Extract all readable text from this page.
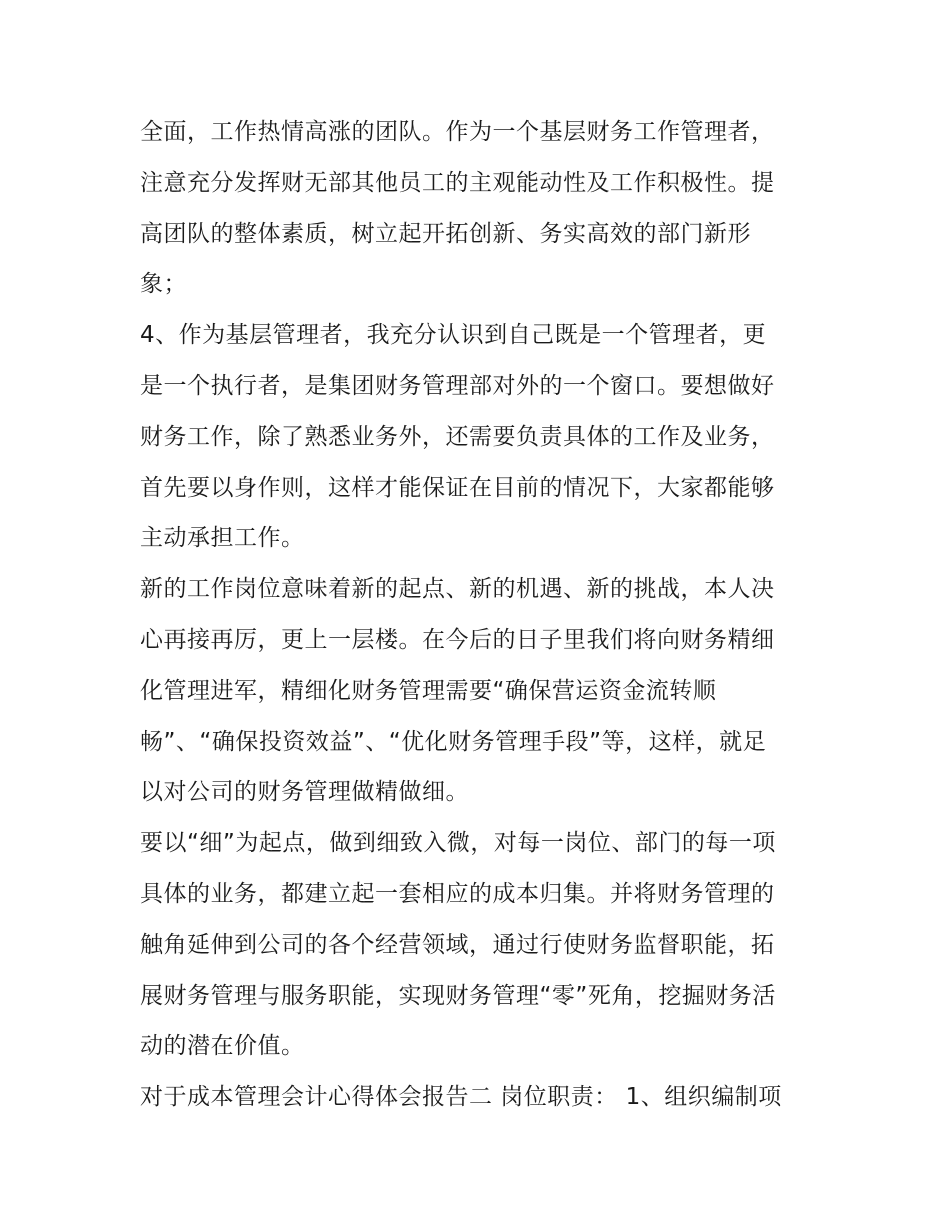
全面，工作热情高涨的团队。作为一个基层财务工作管理者，
注意充分发挥财无部其他员工的主观能动性及工作积极性。提
高团队的整体素质，树立起开拓创新、务实高效的部门新形
象；
4、作为基层管理者，我充分认识到自己既是一个管理者，更
是一个执行者，是集团财务管理部对外的一个窗口。要想做好
财务工作，除了熟悉业务外，还需要负责具体的工作及业务，
首先要以身作则，这样才能保证在目前的情况下，大家都能够
主动承担工作。
新的工作岗位意味着新的起点、新的机遇、新的挑战，本人决
心再接再厉，更上一层楼。在今后的日子里我们将向财务精细
化管理进军，精细化财务管理需要“确保营运资金流转顺
畅”、“确保投资效益”、“优化财务管理手段”等，这样，就足
以对公司的财务管理做精做细。
要以“细”为起点，做到细致入微，对每一岗位、部门的每一项
具体的业务，都建立起一套相应的成本归集。并将财务管理的
触角延伸到公司的各个经营领域，通过行使财务监督职能，拓
展财务管理与服务职能，实现财务管理“零”死角，挖掘财务活
动的潜在价值。
对于成本管理会计心得体会报告二 岗位职责： 1、组织编制项
